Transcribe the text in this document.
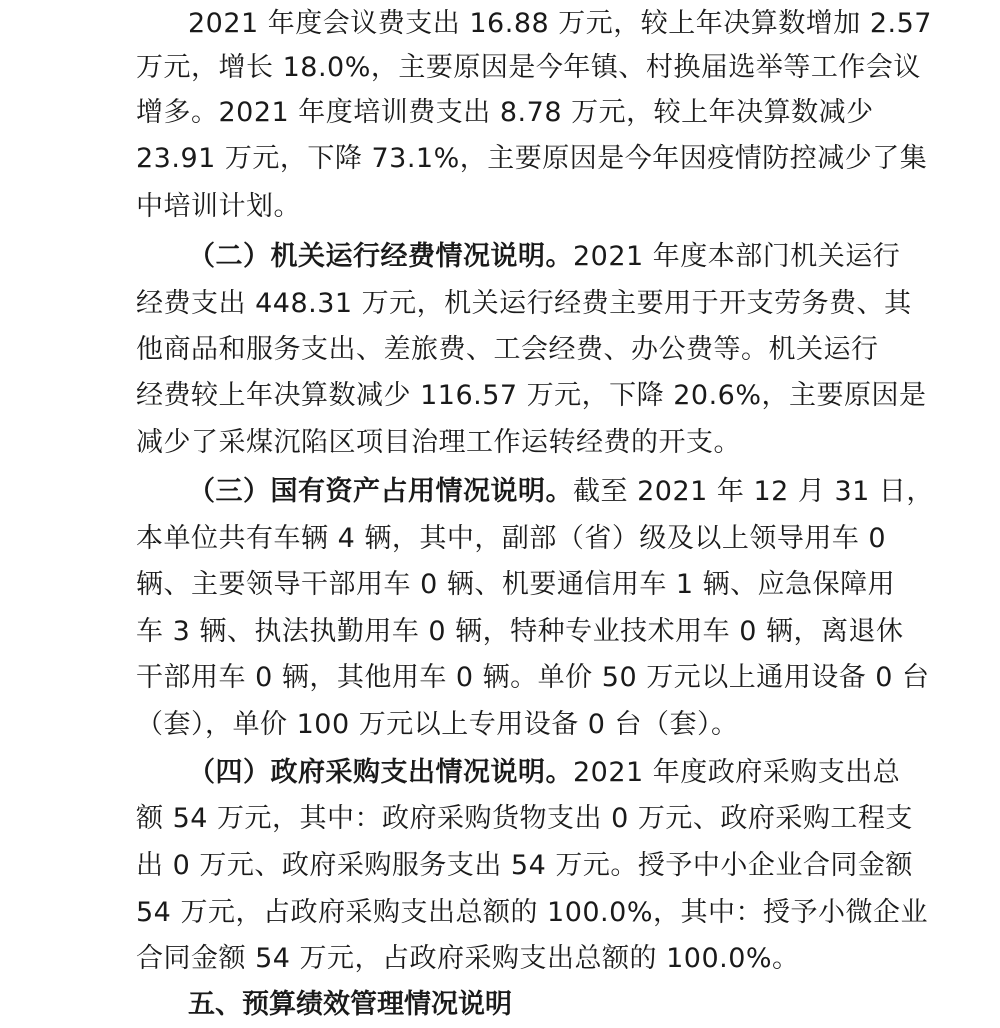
2021 年度会议费支出 16.88 万元，较上年决算数增加 2.57
万元，增长 18.0%，主要原因是今年镇、村换届选举等工作会议
增多。2021 年度培训费支出 8.78 万元，较上年决算数减少
23.91 万元，下降 73.1%，主要原因是今年因疫情防控减少了集
中培训计划。
（二）机关运行经费情况说明。2021 年度本部门机关运行
经费支出 448.31 万元，机关运行经费主要用于开支劳务费、其
他商品和服务支出、差旅费、工会经费、办公费等。机关运行
经费较上年决算数减少 116.57 万元，下降 20.6%，主要原因是
减少了采煤沉陷区项目治理工作运转经费的开支。
（三）国有资产占用情况说明。截至 2021 年 12 月 31 日，
本单位共有车辆 4 辆，其中，副部（省）级及以上领导用车 0
辆、主要领导干部用车 0 辆、机要通信用车 1 辆、应急保障用
车 3 辆、执法执勤用车 0 辆，特种专业技术用车 0 辆，离退休
干部用车 0 辆，其他用车 0 辆。单价 50 万元以上通用设备 0 台
（套），单价 100 万元以上专用设备 0 台（套）。
（四）政府采购支出情况说明。2021 年度政府采购支出总
额 54 万元，其中：政府采购货物支出 0 万元、政府采购工程支
出 0 万元、政府采购服务支出 54 万元。授予中小企业合同金额
54 万元，占政府采购支出总额的 100.0%，其中：授予小微企业
合同金额 54 万元，占政府采购支出总额的 100.0%。
五、预算绩效管理情况说明
